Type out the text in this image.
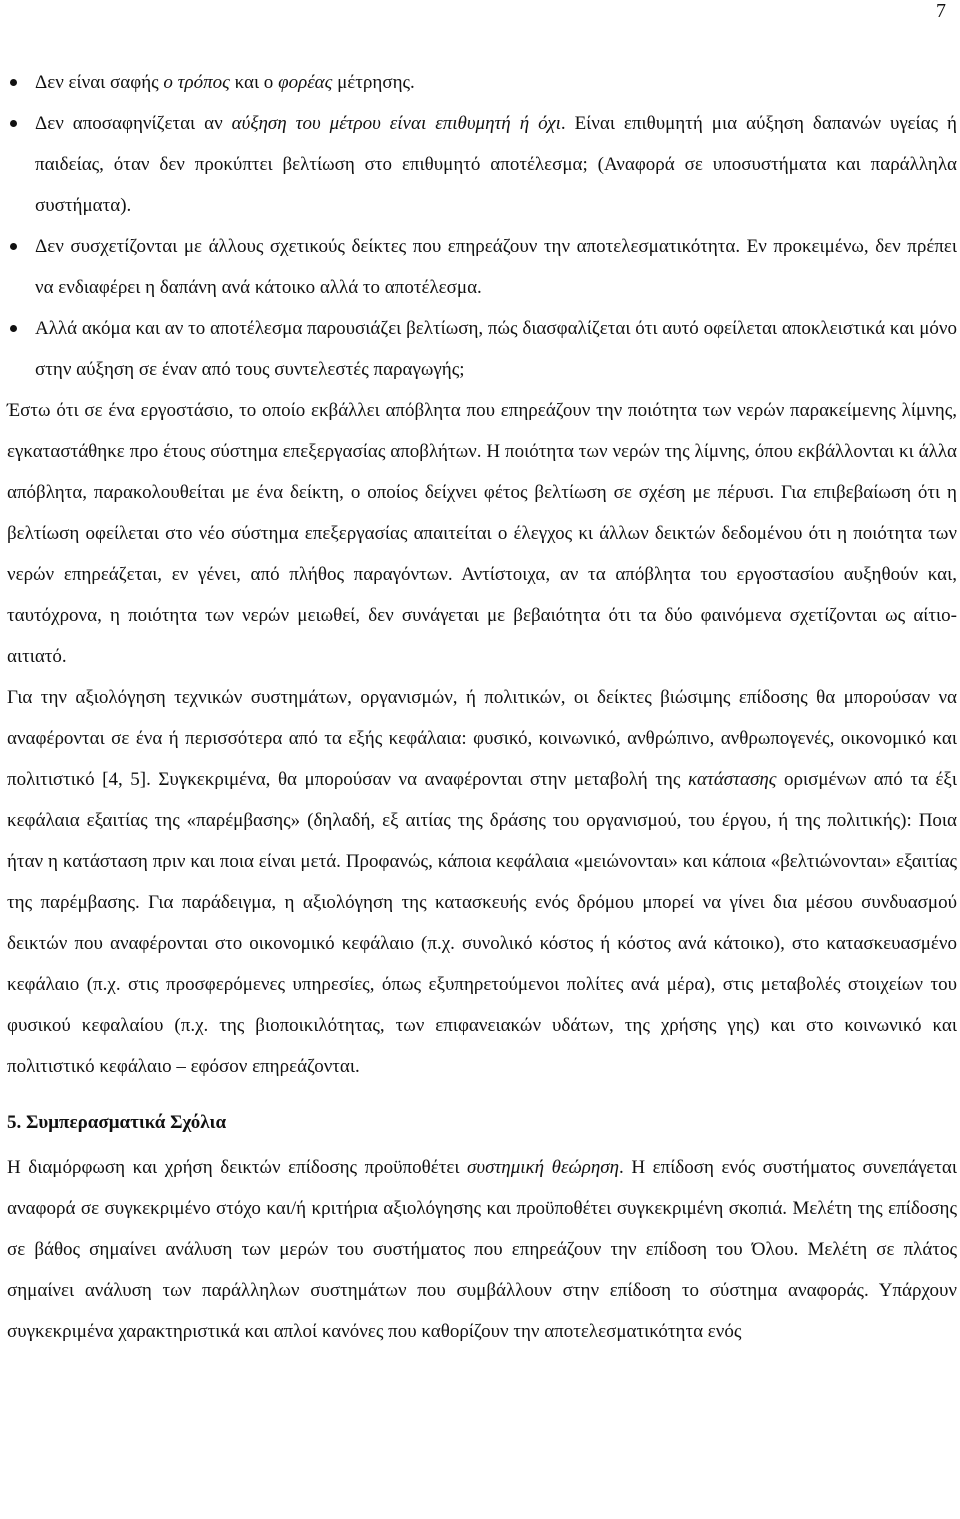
7
Δεν είναι σαφής ο τρόπος και ο φορέας μέτρησης.
Δεν αποσαφηνίζεται αν αύξηση του μέτρου είναι επιθυμητή ή όχι. Είναι επιθυμητή μια αύξηση δαπανών υγείας ή παιδείας, όταν δεν προκύπτει βελτίωση στο επιθυμητό αποτέλεσμα; (Αναφορά σε υποσυστήματα και παράλληλα συστήματα).
Δεν συσχετίζονται με άλλους σχετικούς δείκτες που επηρεάζουν την αποτελεσματικότητα. Εν προκειμένω, δεν πρέπει να ενδιαφέρει η δαπάνη ανά κάτοικο αλλά το αποτέλεσμα.
Αλλά ακόμα και αν το αποτέλεσμα παρουσιάζει βελτίωση, πώς διασφαλίζεται ότι αυτό οφείλεται αποκλειστικά και μόνο στην αύξηση σε έναν από τους συντελεστές παραγωγής;

Έστω ότι σε ένα εργοστάσιο, το οποίο εκβάλλει απόβλητα που επηρεάζουν την ποιότητα των νερών παρακείμενης λίμνης, εγκαταστάθηκε προ έτους σύστημα επεξεργασίας αποβλήτων. Η ποιότητα των νερών της λίμνης, όπου εκβάλλονται κι άλλα απόβλητα, παρακολουθείται με ένα δείκτη, ο οποίος δείχνει φέτος βελτίωση σε σχέση με πέρυσι. Για επιβεβαίωση ότι η βελτίωση οφείλεται στο νέο σύστημα επεξεργασίας απαιτείται ο έλεγχος κι άλλων δεικτών δεδομένου ότι η ποιότητα των νερών επηρεάζεται, εν γένει, από πλήθος παραγόντων. Αντίστοιχα, αν τα απόβλητα του εργοστασίου αυξηθούν και, ταυτόχρονα, η ποιότητα των νερών μειωθεί, δεν συνάγεται με βεβαιότητα ότι τα δύο φαινόμενα σχετίζονται ως αίτιο-αιτιατό.

Για την αξιολόγηση τεχνικών συστημάτων, οργανισμών, ή πολιτικών, οι δείκτες βιώσιμης επίδοσης θα μπορούσαν να αναφέρονται σε ένα ή περισσότερα από τα εξής κεφάλαια: φυσικό, κοινωνικό, ανθρώπινο, ανθρωπογενές, οικονομικό και πολιτιστικό [4, 5]. Συγκεκριμένα, θα μπορούσαν να αναφέρονται στην μεταβολή της κατάστασης ορισμένων από τα έξι κεφάλαια εξαιτίας της «παρέμβασης» (δηλαδή, εξ αιτίας της δράσης του οργανισμού, του έργου, ή της πολιτικής): Ποια ήταν η κατάσταση πριν και ποια είναι μετά. Προφανώς, κάποια κεφάλαια «μειώνονται» και κάποια «βελτιώνονται» εξαιτίας της παρέμβασης. Για παράδειγμα, η αξιολόγηση της κατασκευής ενός δρόμου μπορεί να γίνει δια μέσου συνδυασμού δεικτών που αναφέρονται στο οικονομικό κεφάλαιο (π.χ. συνολικό κόστος ή κόστος ανά κάτοικο), στο κατασκευασμένο κεφάλαιο (π.χ. στις προσφερόμενες υπηρεσίες, όπως εξυπηρετούμενοι πολίτες ανά μέρα), στις μεταβολές στοιχείων του φυσικού κεφαλαίου (π.χ. της βιοποικιλότητας, των επιφανειακών υδάτων, της χρήσης γης) και στο κοινωνικό και πολιτιστικό κεφάλαιο – εφόσον επηρεάζονται.

5. Συμπερασματικά Σχόλια

Η διαμόρφωση και χρήση δεικτών επίδοσης προϋποθέτει συστημική θεώρηση. Η επίδοση ενός συστήματος συνεπάγεται αναφορά σε συγκεκριμένο στόχο και/ή κριτήρια αξιολόγησης και προϋποθέτει συγκεκριμένη σκοπιά. Μελέτη της επίδοσης σε βάθος σημαίνει ανάλυση των μερών του συστήματος που επηρεάζουν την επίδοση του Όλου. Μελέτη σε πλάτος σημαίνει ανάλυση των παράλληλων συστημάτων που συμβάλλουν στην επίδοση το σύστημα αναφοράς. Υπάρχουν συγκεκριμένα χαρακτηριστικά και απλοί κανόνες που καθορίζουν την αποτελεσματικότητα ενός
